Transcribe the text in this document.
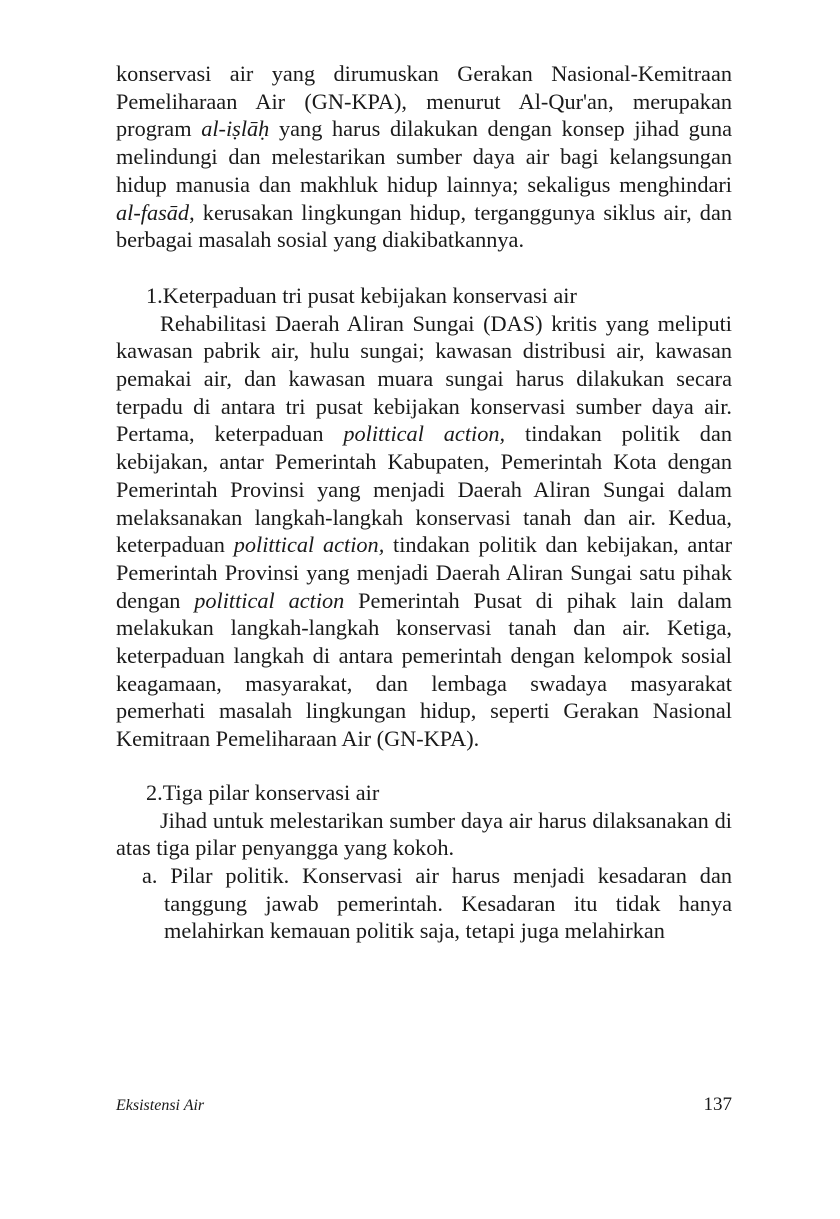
konservasi air yang dirumuskan Gerakan Nasional-Kemitraan Pemeliharaan Air (GN-KPA), menurut Al-Qur'an, merupakan program al-iṣlāḥ yang harus dilakukan dengan konsep jihad guna melindungi dan melestarikan sumber daya air bagi kelangsungan hidup manusia dan makhluk hidup lainnya; sekaligus menghindari al-fasād, kerusakan lingkungan hidup, terganggunya siklus air, dan berbagai masalah sosial yang diakibatkannya.

1.Keterpaduan tri pusat kebijakan konservasi air

Rehabilitasi Daerah Aliran Sungai (DAS) kritis yang meliputi kawasan pabrik air, hulu sungai; kawasan distribusi air, kawasan pemakai air, dan kawasan muara sungai harus dilakukan secara terpadu di antara tri pusat kebijakan konservasi sumber daya air. Pertama, keterpaduan polittical action, tindakan politik dan kebijakan, antar Pemerintah Kabupaten, Pemerintah Kota dengan Pemerintah Provinsi yang menjadi Daerah Aliran Sungai dalam melaksanakan langkah-langkah konservasi tanah dan air. Kedua, keterpaduan polittical action, tindakan politik dan kebijakan, antar Pemerintah Provinsi yang menjadi Daerah Aliran Sungai satu pihak dengan polittical action Pemerintah Pusat di pihak lain dalam melakukan langkah-langkah konservasi tanah dan air. Ketiga, keterpaduan langkah di antara pemerintah dengan kelompok sosial keagamaan, masyarakat, dan lembaga swadaya masyarakat pemerhati masalah lingkungan hidup, seperti Gerakan Nasional Kemitraan Pemeliharaan Air (GN-KPA).

2.Tiga pilar konservasi air

Jihad untuk melestarikan sumber daya air harus dilaksanakan di atas tiga pilar penyangga yang kokoh.

a. Pilar politik. Konservasi air harus menjadi kesadaran dan tanggung jawab pemerintah. Kesadaran itu tidak hanya melahirkan kemauan politik saja, tetapi juga melahirkan

Eksistensi Air	137
